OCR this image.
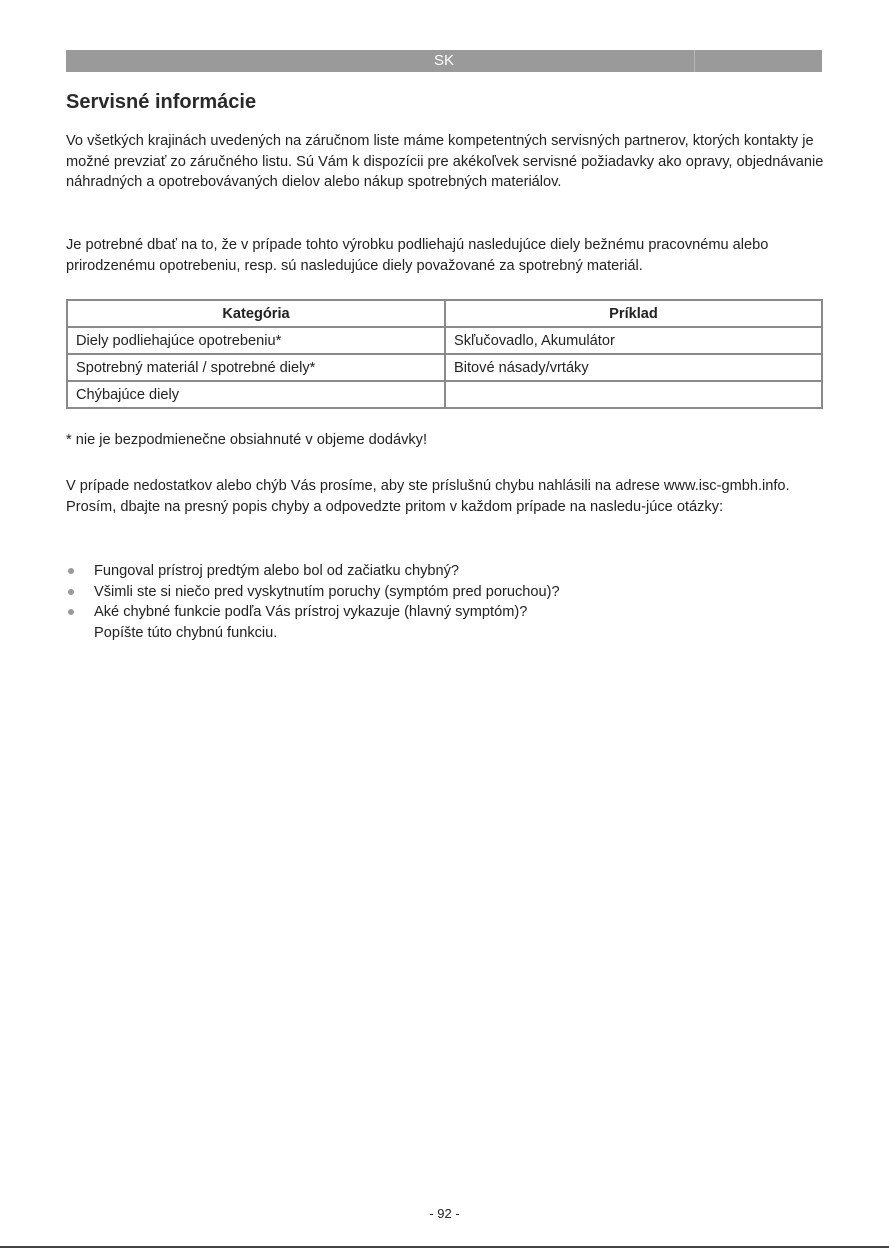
SK
Servisné informácie

Vo všetkých krajinách uvedených na záručnom liste máme kompetentných servisných partnerov, ktorých kontakty je možné prevziať zo záručného listu. Sú Vám k dispozícii pre akékoľvek servisné požiadavky ako opravy, objednávanie náhradných a opotrebovávaných dielov alebo nákup spotrebných materiálov.

Je potrebné dbať na to, že v prípade tohto výrobku podliehajú nasledujúce diely bežnému pracovnému alebo prirodzenému opotrebeniu, resp. sú nasledujúce diely považované za spotrebný materiál.

Kategória	Príklad
Diely podliehajúce opotrebeniu*	Skľučovadlo, Akumulátor
Spotrebný materiál / spotrebné diely*	Bitové násady/vrtáky
Chýbajúce diely	

* nie je bezpodmienečne obsiahnuté v objeme dodávky!

V prípade nedostatkov alebo chýb Vás prosíme, aby ste príslušnú chybu nahlásili na adrese www.isc-gmbh.info. Prosím, dbajte na presný popis chyby a odpovedzte pritom v každom prípade na nasledu-júce otázky:

Fungoval prístroj predtým alebo bol od začiatku chybný?
Všimli ste si niečo pred vyskytnutím poruchy (symptóm pred poruchou)?
Aké chybné funkcie podľa Vás prístroj vykazuje (hlavný symptóm)?
Popíšte túto chybnú funkciu.
- 92 -
